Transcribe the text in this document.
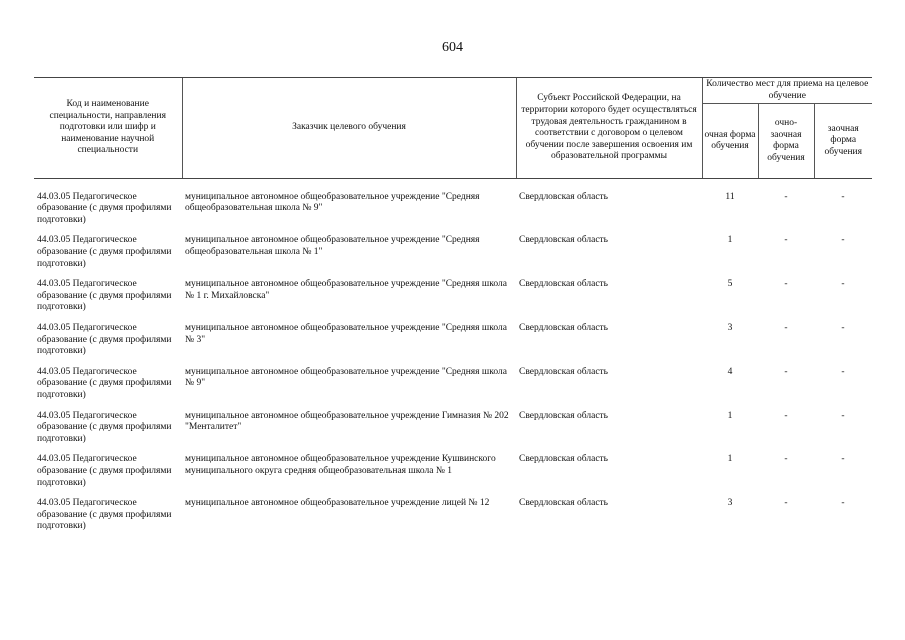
604
Код и наименование специальности, направления подготовки или шифр и наименование научной специальности	Заказчик целевого обучения	Субъект Российской Федерации, на территории которого будет осуществляться трудовая деятельность гражданином в соответствии с договором о целевом обучении после завершения освоения им образовательной программы	Количество мест для приема на целевое обучение		
			очная форма обучения	очно-заочная форма обучения	заочная форма обучения

44.03.05 Педагогическое образование (с двумя профилями подготовки)	муниципальное автономное общеобразовательное учреждение "Средняя общеобразовательная школа № 9"	Свердловская область	11	-	-
44.03.05 Педагогическое образование (с двумя профилями подготовки)	муниципальное автономное общеобразовательное учреждение "Средняя общеобразовательная школа № 1"	Свердловская область	1	-	-
44.03.05 Педагогическое образование (с двумя профилями подготовки)	муниципальное автономное общеобразовательное учреждение "Средняя школа № 1 г. Михайловска"	Свердловская область	5	-	-
44.03.05 Педагогическое образование (с двумя профилями подготовки)	муниципальное автономное общеобразовательное учреждение "Средняя школа № 3"	Свердловская область	3	-	-
44.03.05 Педагогическое образование (с двумя профилями подготовки)	муниципальное автономное общеобразовательное учреждение "Средняя школа № 9"	Свердловская область	4	-	-
44.03.05 Педагогическое образование (с двумя профилями подготовки)	муниципальное автономное общеобразовательное учреждение Гимназия № 202 "Менталитет"	Свердловская область	1	-	-
44.03.05 Педагогическое образование (с двумя профилями подготовки)	муниципальное автономное общеобразовательное учреждение Кушвинского муниципального округа средняя общеобразовательная школа № 1	Свердловская область	1	-	-
44.03.05 Педагогическое образование (с двумя профилями подготовки)	муниципальное автономное общеобразовательное учреждение лицей № 12	Свердловская область	3	-	-
